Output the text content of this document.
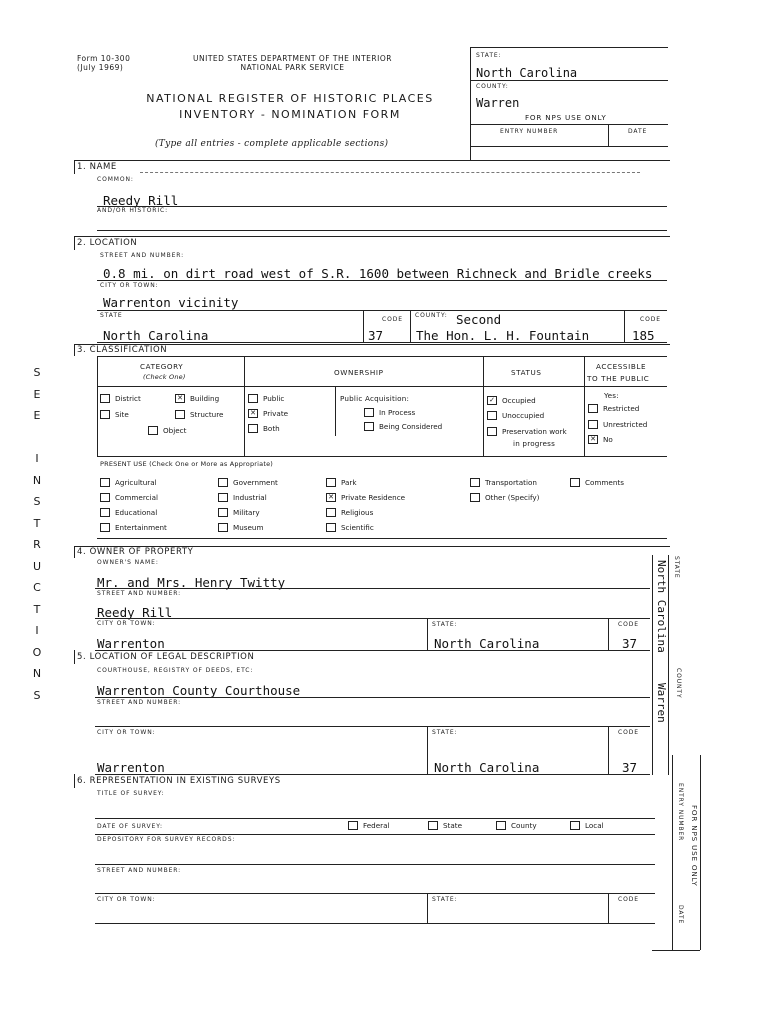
Form 10-300
(July 1969)
UNITED STATES DEPARTMENT OF THE INTERIOR
NATIONAL PARK SERVICE
NATIONAL REGISTER OF HISTORIC PLACES
INVENTORY - NOMINATION FORM
(Type all entries - complete applicable sections)
STATE:
North Carolina
COUNTY:
Warren
FOR NPS USE ONLY
ENTRY NUMBER	DATE
S
E
E

I
N
S
T
R
U
C
T
I
O
N
S
1. NAME
COMMON:
Reedy Rill
AND/OR HISTORIC:
2. LOCATION
STREET AND NUMBER:
0.8 mi. on dirt road west of S.R. 1600 between Richneck and Bridle creeks
CITY OR TOWN:
Warrenton vicinity
STATE
North Carolina
CODE
37
COUNTY: Second
The Hon. L. H. Fountain
CODE
185
3. CLASSIFICATION
CATEGORY
(Check One)	OWNERSHIP	STATUS
ACCESSIBLE
TO THE PUBLIC
District	✕ Building
Site	Structure
Object
Public
✕ Private
Both
Public Acquisition:
In Process
Being Considered
✓ Occupied
Unoccupied
Preservation work
in progress
Yes:
Restricted
Unrestricted
✕ No
PRESENT USE (Check One or More as Appropriate)
Agricultural
Commercial
Educational
Entertainment
Government
Industrial
Military
Museum
Park
✕ Private Residence
Religious
Scientific
Transportation
Other (Specify)
Comments
4. OWNER OF PROPERTY
OWNER'S NAME:
Mr. and Mrs. Henry Twitty
STREET AND NUMBER:
Reedy Rill
CITY OR TOWN:
Warrenton
STATE:
North Carolina
CODE
37
5. LOCATION OF LEGAL DESCRIPTION
COURTHOUSE, REGISTRY OF DEEDS, ETC:
Warrenton County Courthouse
STREET AND NUMBER:
CITY OR TOWN:
Warrenton
STATE:
North Carolina
CODE
37
6. REPRESENTATION IN EXISTING SURVEYS
TITLE OF SURVEY:
DATE OF SURVEY:	Federal	State	County	Local
DEPOSITORY FOR SURVEY RECORDS:
STREET AND NUMBER:
CITY OR TOWN:	STATE:	CODE
STATE
North Carolina
COUNTY
Warren
FOR NPS USE ONLY
ENTRY NUMBER
DATE
